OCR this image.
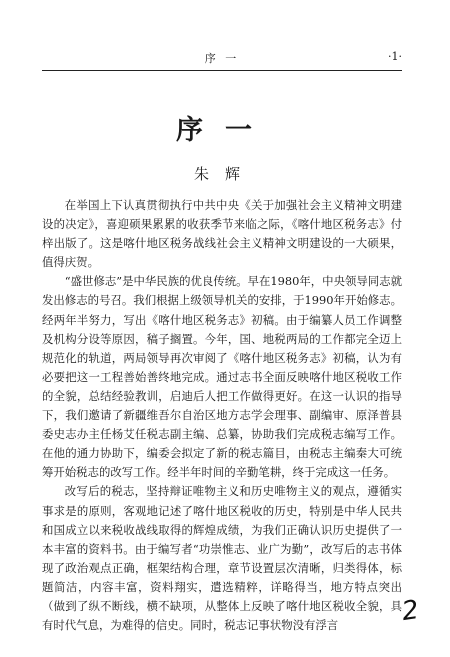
序 一	·1·
序一
朱辉

在举国上下认真贯彻执行中共中央《关于加强社会主义精神文明建设的决定》，喜迎硕果累累的收获季节来临之际，《喀什地区税务志》付梓出版了。这是喀什地区税务战线社会主义精神文明建设的一大硕果，值得庆贺。

“盛世修志”是中华民族的优良传统。早在1980年，中央领导同志就发出修志的号召。我们根据上级领导机关的安排，于1990年开始修志。经两年半努力，写出《喀什地区税务志》初稿。由于编纂人员工作调整及机构分设等原因，稿子搁置。今年，国、地税两局的工作都完全迈上规范化的轨道，两局领导再次审阅了《喀什地区税务志》初稿，认为有必要把这一工程善始善终地完成。通过志书全面反映喀什地区税收工作的全貌，总结经验教训，启迪后人把工作做得更好。在这一认识的指导下，我们邀请了新疆维吾尔自治区地方志学会理事、副编审、原泽普县委史志办主任杨艾任税志副主编、总纂，协助我们完成税志编写工作。在他的通力协助下，编委会拟定了新的税志篇目，由税志主编秦大可统筹开始税志的改写工作。经半年时间的辛勤笔耕，终于完成这一任务。

改写后的税志，坚持辩证唯物主义和历史唯物主义的观点，遵循实事求是的原则，客观地记述了喀什地区税收的历史，特别是中华人民共和国成立以来税收战线取得的辉煌成绩，为我们正确认识历史提供了一本丰富的资料书。由于编写者“功崇惟志、业广为勤”，改写后的志书体现了政治观点正确，框架结构合理，章节设置层次清晰，归类得体，标题简洁，内容丰富，资料翔实，遣选精粹，详略得当，地方特点突出（做到了纵不断线，横不缺项，从整体上反映了喀什地区税收全貌，具有时代气息，为难得的信史。同时，税志记事状物没有浮言	2
